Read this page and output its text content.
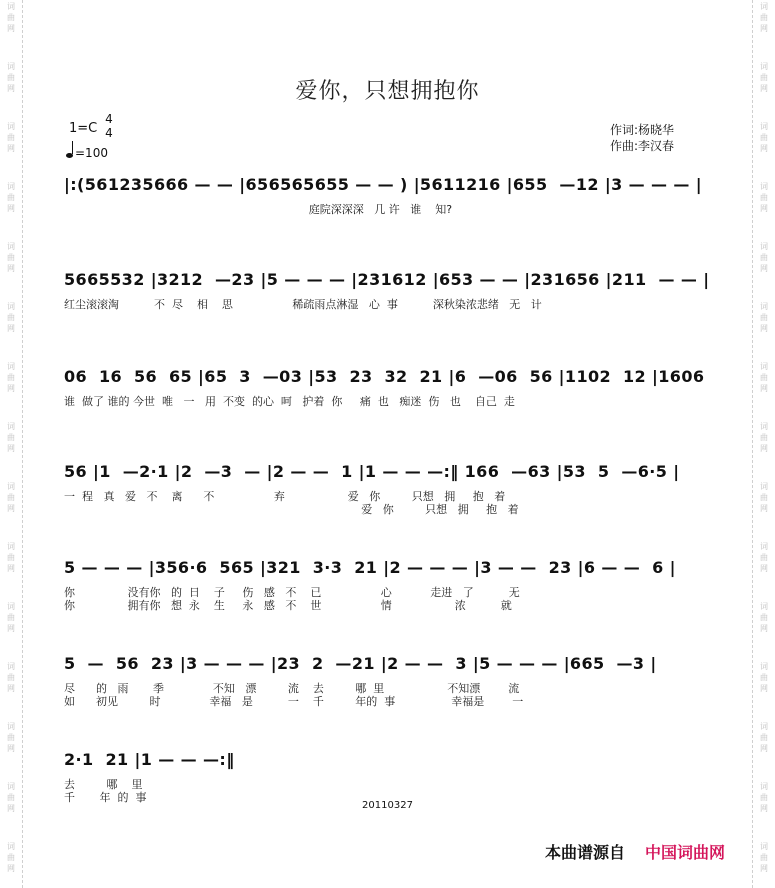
词
曲
网
词
曲
网
词
曲
网
词
曲
网
词
曲
网
词
曲
网
词
曲
网
词
曲
网
词
曲
网
词
曲
网
词
曲
网
词
曲
网
词
曲
网
词
曲
网
词
曲
网
词
曲
网
词
曲
网
词
曲
网
词
曲
网
词
曲
网
词
曲
网
词
曲
网
词
曲
网
词
曲
网
词
曲
网
词
曲
网
词
曲
网
词
曲
网
词
曲
网
词
曲
网
爱你，只想拥抱你
1=C
4
4
=100
作词:杨晓华
作曲:李汉春
|:(561235666 — — |656565655 — — ) |5611216 |655  —12 |3 — — — |
庭院深深深   几 许   谁    知?
5665532 |3212  —23 |5 — — — |231612 |653 — — |231656 |211  — — |
红尘滚滚淘          不  尽    相    思                 稀疏雨点淋湿   心  事          深秋染浓悲绪   无   计
06  16  56  65 |65  3  —03 |53  23  32  21 |6  —06  56 |1102  12 |1606
谁  做了 谁的 今世  唯   一   用  不变  的心  呵   护着  你     痛  也   痴迷  伤   也    自己  走
56 |1  —2·1 |2  —3  — |2 — —  1 |1 — — —:‖ 166  —63 |53  5  —6·5 |
一  程   真   爱   不    离      不                 弃                  爱   你         只想   拥     抱   着
爱   你         只想   拥     抱   着
5 — — — |356·6  565 |321  3·3  21 |2 — — — |3 — —  23 |6 — —  6 |
你               没有你   的  日    子     伤   感   不    已                 心           走进   了          无
你               拥有你   想  永    生     永   感   不    世                 情                  浓          就
5  —  56  23 |3 — — — |23  2  —21 |2 — —  3 |5 — — — |665  —3 |
尽      的   雨       季              不知   漂         流    去         哪  里                  不知漂        流
如      初见         时              幸福   是          一    千         年的  事                幸福是        一
2·1  21 |1 — — —:‖
去         哪    里
千       年  的  事
20110327
本曲谱源自 中国词曲网
